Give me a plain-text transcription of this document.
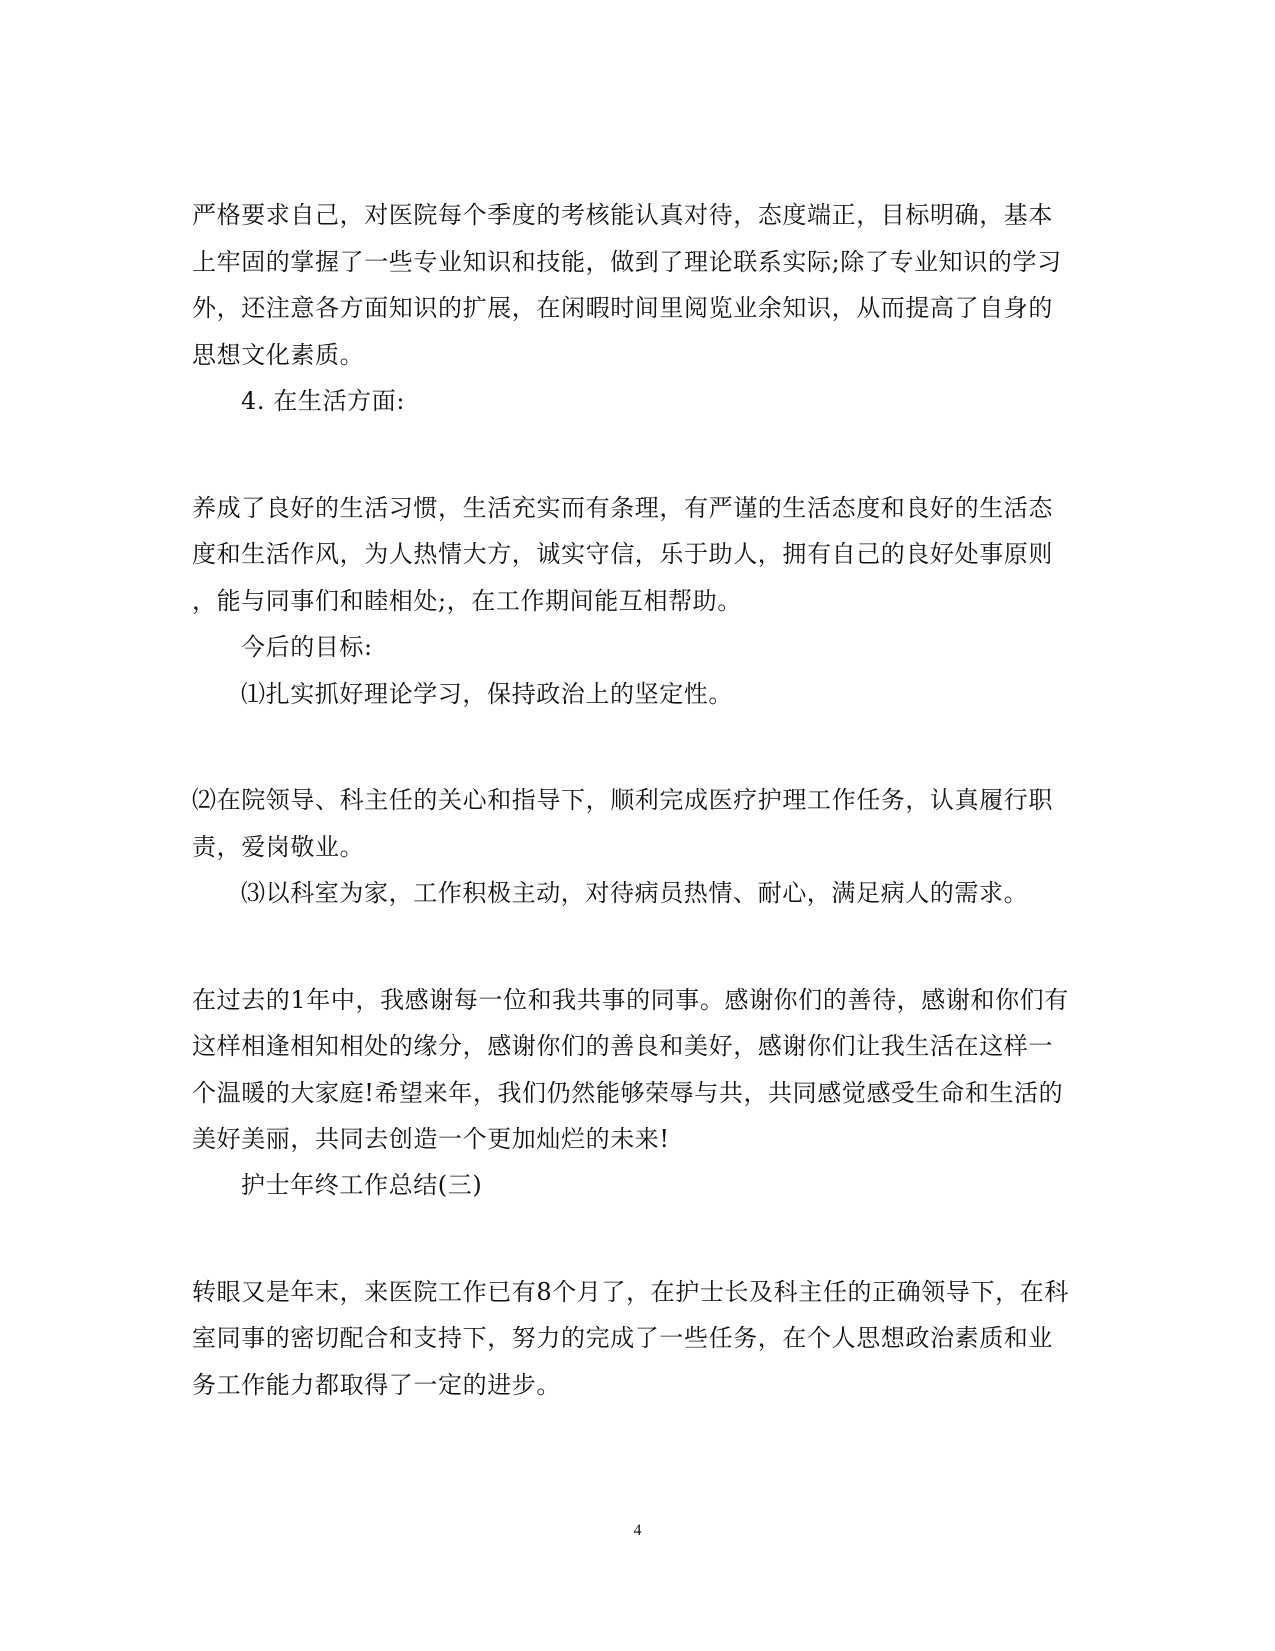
严格要求自己，对医院每个季度的考核能认真对待，态度端正，目标明确，基本
上牢固的掌握了一些专业知识和技能，做到了理论联系实际;除了专业知识的学习
外，还注意各方面知识的扩展，在闲暇时间里阅览业余知识，从而提高了自身的
思想文化素质。
4. 在生活方面:
养成了良好的生活习惯，生活充实而有条理，有严谨的生活态度和良好的生活态
度和生活作风，为人热情大方，诚实守信，乐于助人，拥有自己的良好处事原则
，能与同事们和睦相处;，在工作期间能互相帮助。
今后的目标:
⑴扎实抓好理论学习，保持政治上的坚定性。
⑵在院领导、科主任的关心和指导下，顺利完成医疗护理工作任务，认真履行职
责，爱岗敬业。
⑶以科室为家，工作积极主动，对待病员热情、耐心，满足病人的需求。
在过去的1年中，我感谢每一位和我共事的同事。感谢你们的善待，感谢和你们有
这样相逢相知相处的缘分，感谢你们的善良和美好，感谢你们让我生活在这样一
个温暖的大家庭!希望来年，我们仍然能够荣辱与共，共同感觉感受生命和生活的
美好美丽，共同去创造一个更加灿烂的未来!
护士年终工作总结(三)
转眼又是年末，来医院工作已有8个月了，在护士长及科主任的正确领导下，在科
室同事的密切配合和支持下，努力的完成了一些任务，在个人思想政治素质和业
务工作能力都取得了一定的进步。
4
